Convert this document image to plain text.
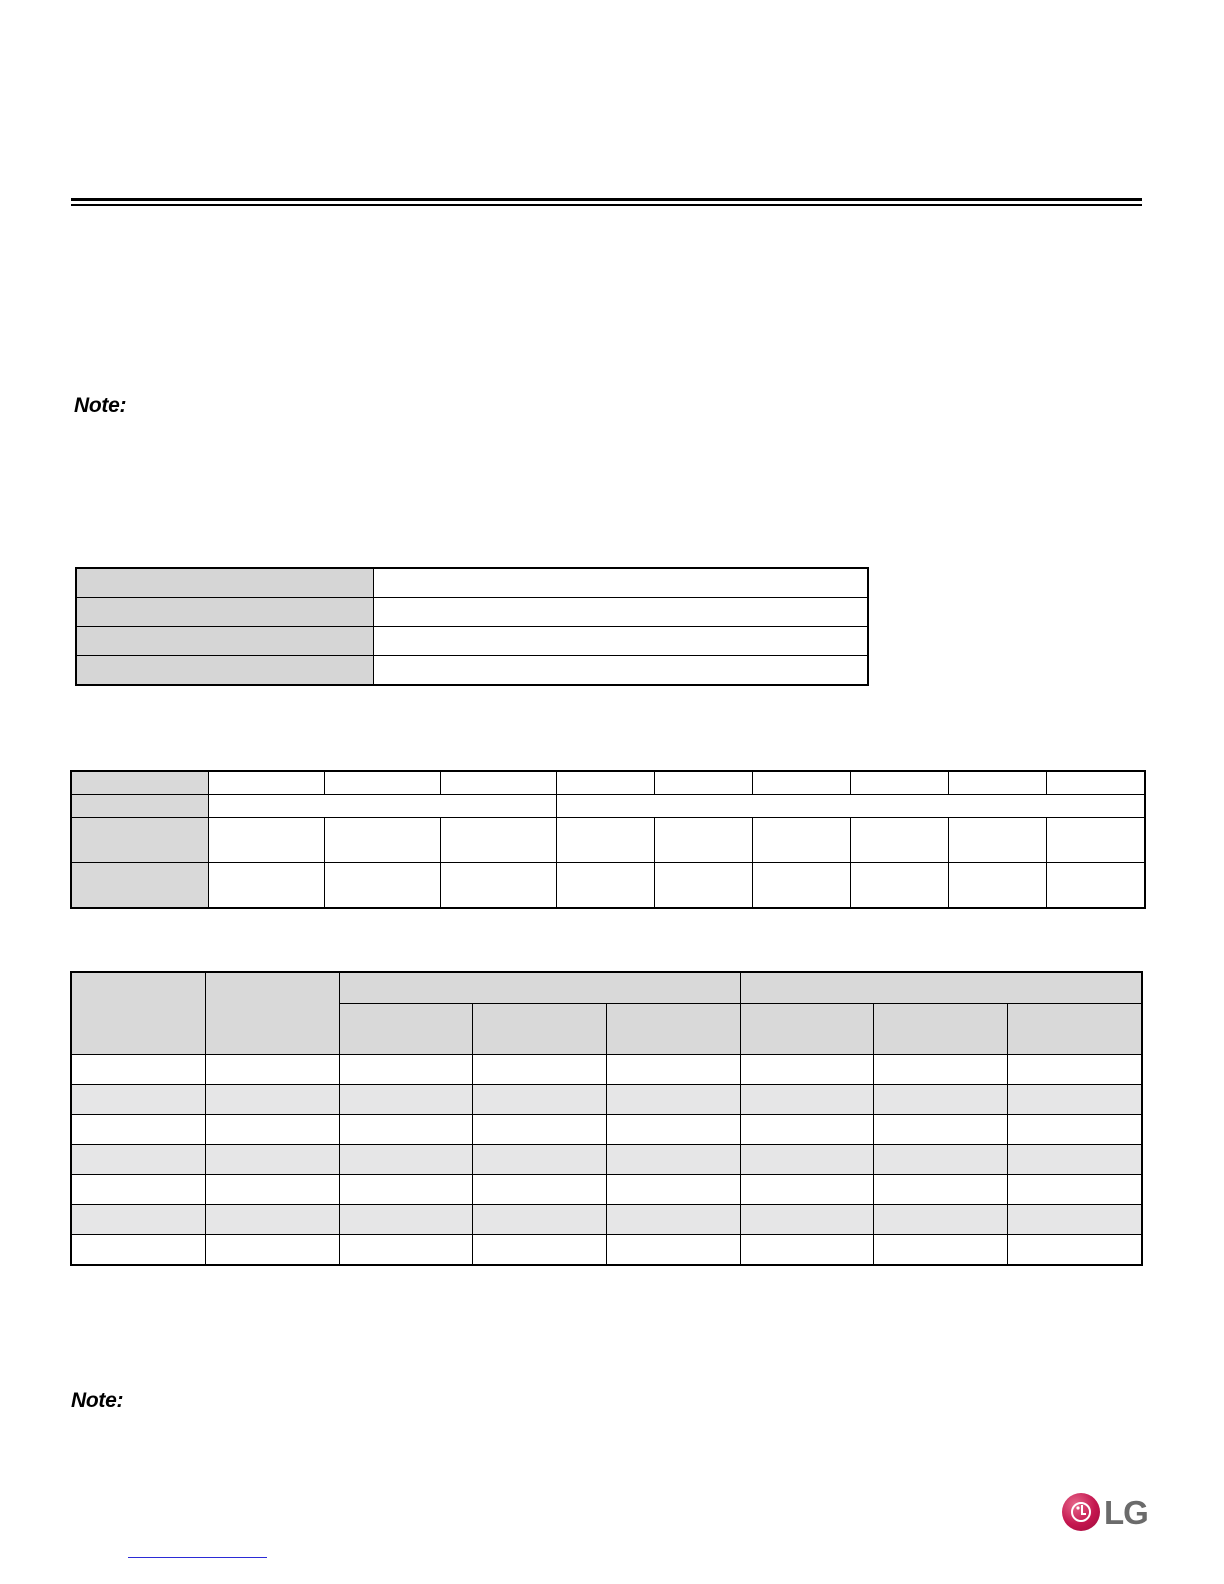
Note:

Note:
LG
